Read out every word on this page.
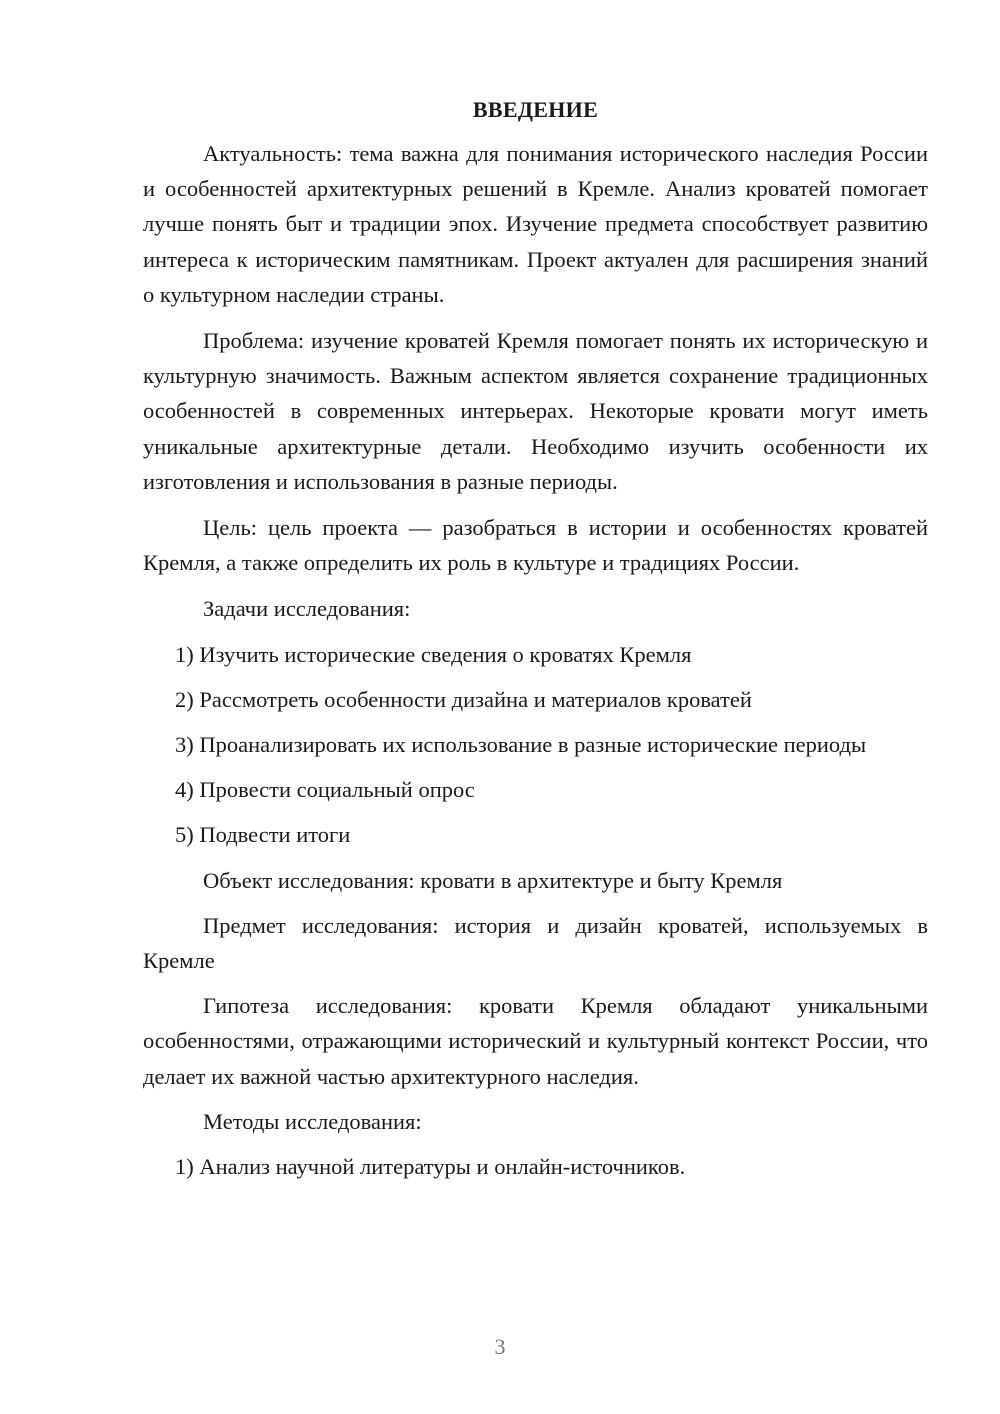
ВВЕДЕНИЕ

Актуальность: тема важна для понимания исторического наследия России и особенностей архитектурных решений в Кремле. Анализ кроватей помогает лучше понять быт и традиции эпох. Изучение предмета способствует развитию интереса к историческим памятникам. Проект актуален для расширения знаний о культурном наследии страны.

Проблема: изучение кроватей Кремля помогает понять их историческую и культурную значимость. Важным аспектом является сохранение традиционных особенностей в современных интерьерах. Некоторые кровати могут иметь уникальные архитектурные детали. Необходимо изучить особенности их изготовления и использования в разные периоды.

Цель: цель проекта — разобраться в истории и особенностях кроватей Кремля, а также определить их роль в культуре и традициях России.

Задачи исследования:

1) Изучить исторические сведения о кроватях Кремля

2) Рассмотреть особенности дизайна и материалов кроватей

3) Проанализировать их использование в разные исторические периоды

4) Провести социальный опрос

5) Подвести итоги

Объект исследования: кровати в архитектуре и быту Кремля

Предмет исследования: история и дизайн кроватей, используемых в Кремле

Гипотеза исследования: кровати Кремля обладают уникальными особенностями, отражающими исторический и культурный контекст России, что делает их важной частью архитектурного наследия.

Методы исследования:

1) Анализ научной литературы и онлайн-источников.

3
